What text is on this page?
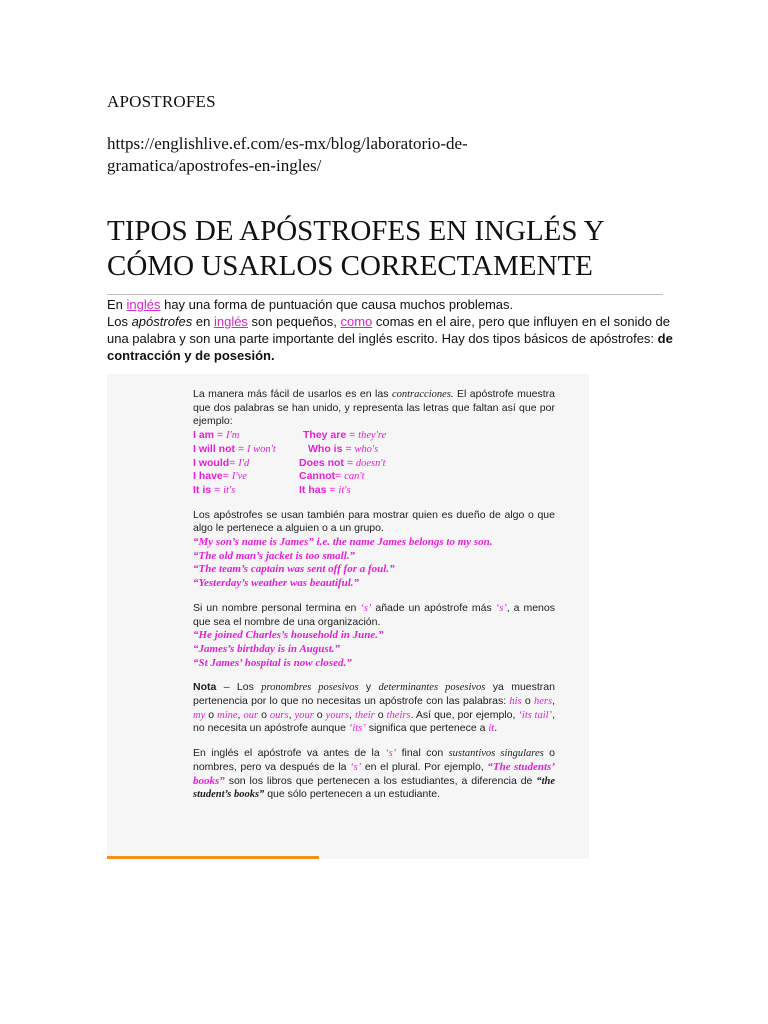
APOSTROFES
https://englishlive.ef.com/es-mx/blog/laboratorio-de-gramatica/apostrofes-en-ingles/
TIPOS DE APÓSTROFES EN INGLÉS Y CÓMO USARLOS CORRECTAMENTE

En inglés hay una forma de puntuación que causa muchos problemas.

Los apóstrofes en inglés son pequeños, como comas en el aire, pero que influyen en el sonido de una palabra y son una parte importante del inglés escrito. Hay dos tipos básicos de apóstrofes: de contracción y de posesión.

La manera más fácil de usarlos es en las contracciones. El apóstrofe muestra que dos palabras se han unido, y representa las letras que faltan así que por ejemplo:

I am = I'm	They are = they're
I will not = I won't	Who is = who's
I would= I'd	Does not = doesn't
I have= I've	Cannot= can't
It is = it's	It has = it's

Los apóstrofes se usan también para mostrar quien es dueño de algo o que algo le pertenece a alguien o a un grupo.

“My son’s name is James” i.e. the name James belongs to my son.
“The old man’s jacket is too small.”
“The team’s captain was sent off for a foul.”
“Yesterday’s weather was beautiful.”

Si un nombre personal termina en ‘s’ añade un apóstrofe más ‘s’, a menos que sea el nombre de una organización.

“He joined Charles’s household in June.”
“James’s birthday is in August.”
“St James’ hospital is now closed.”

Nota – Los pronombres posesivos y determinantes posesivos ya muestran pertenencia por lo que no necesitas un apóstrofe con las palabras: his o hers, my o mine, our o ours, your o yours, their o theirs. Así que, por ejemplo, ‘its tail’, no necesita un apóstrofe aunque ‘its’ significa que pertenece a it.

En inglés el apóstrofe va antes de la ‘s’ final con sustantivos singulares o nombres, pero va después de la ‘s’ en el plural. Por ejemplo, “The students’ books” son los libros que pertenecen a los estudiantes, a diferencia de “the student’s books” que sólo pertenecen a un estudiante.
